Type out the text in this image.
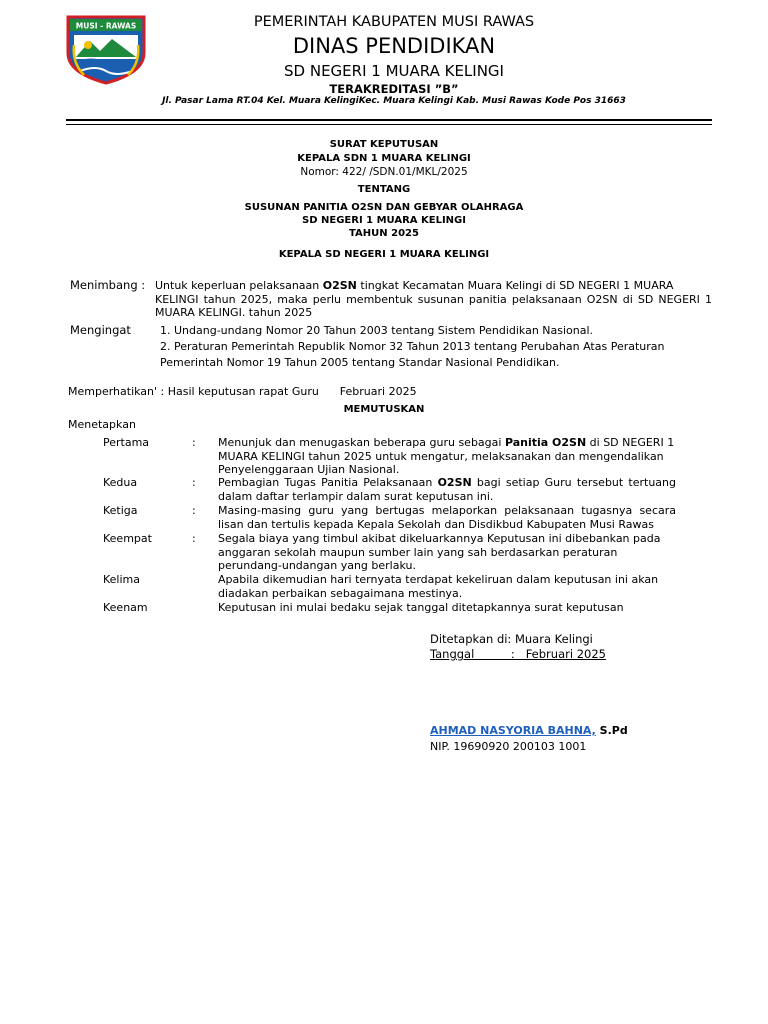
MUSI - RAWAS	PEMERINTAH KABUPATEN MUSI RAWAS
DINAS PENDIDIKAN
SD NEGERI 1 MUARA KELINGI
TERAKREDITASI ”B”
Jl. Pasar Lama RT.04 Kel. Muara KelingiKec. Muara Kelingi Kab. Musi Rawas Kode Pos 31663
SURAT KEPUTUSAN
KEPALA SDN 1 MUARA KELINGI
Nomor: 422/ /SDN.01/MKL/2025
TENTANG
SUSUNAN PANITIA O2SN DAN GEBYAR OLAHRAGA
SD NEGERI 1 MUARA KELINGI
TAHUN 2025
KEPALA SD NEGERI 1 MUARA KELINGI
Menimbang : Untuk keperluan pelaksanaan O2SN tingkat Kecamatan Muara Kelingi di SD NEGERI 1 MUARA
KELINGI tahun 2025, maka perlu membentuk susunan panitia pelaksanaan O2SN di SD NEGERI 1
MUARA KELINGI. tahun 2025
Mengingat	1. Undang-undang Nomor 20 Tahun 2003 tentang Sistem Pendidikan Nasional.
2. Peraturan Pemerintah Republik Nomor 32 Tahun 2013 tentang Perubahan Atas Peraturan
Pemerintah Nomor 19 Tahun 2005 tentang Standar Nasional Pendidikan.
Memperhatikan' : Hasil keputusan rapat Guru      Februari 2025
MEMUTUSKAN
Menetapkan
Pertama	: Menunjuk dan menugaskan beberapa guru sebagai Panitia O2SN di SD NEGERI 1
MUARA KELINGI tahun 2025 untuk mengatur, melaksanakan dan mengendalikan
Penyelenggaraan Ujian Nasional.
Kedua	: Pembagian Tugas Panitia Pelaksanaan O2SN bagi setiap Guru tersebut tertuang
dalam daftar terlampir dalam surat keputusan ini.
Ketiga	: Masing-masing guru yang bertugas melaporkan pelaksanaan tugasnya secara
lisan dan tertulis kepada Kepala Sekolah dan Disdikbud Kabupaten Musi Rawas
Keempat	: Segala biaya yang timbul akibat dikeluarkannya Keputusan ini dibebankan pada
anggaran sekolah maupun sumber lain yang sah berdasarkan peraturan
perundang-undangan yang berlaku.
Kelima	Apabila dikemudian hari ternyata terdapat kekeliruan dalam keputusan ini akan
diadakan perbaikan sebagaimana mestinya.
Keenam	Keputusan ini mulai bedaku sejak tanggal ditetapkannya surat keputusan
Ditetapkan di: Muara Kelingi
Tanggal          :   Februari 2025
AHMAD NASYORIA BAHNA, S.Pd
NIP. 19690920 200103 1001
